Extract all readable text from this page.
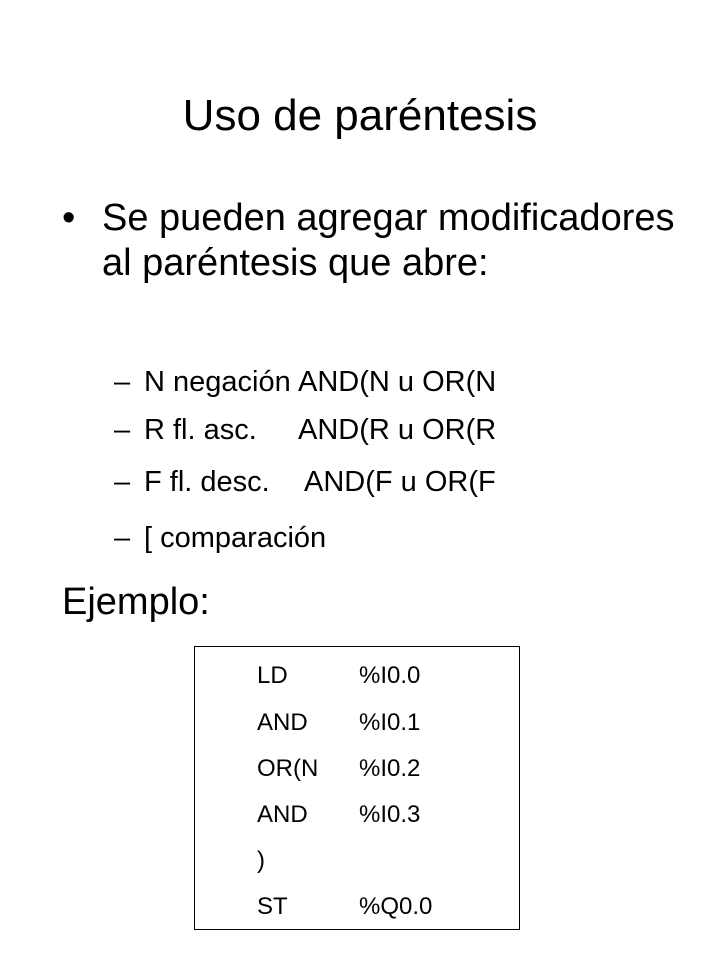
Uso de paréntesis
• Se pueden agregar modificadores al paréntesis que abre:
– N negación AND(N u OR(N
– R fl. asc. AND(R u OR(R
– F fl. desc. AND(F u OR(F
– [ comparación
Ejemplo:
LD	%I0.0
AND %I0.1
OR(N %I0.2
AND %I0.3
)
ST	%Q0.0
